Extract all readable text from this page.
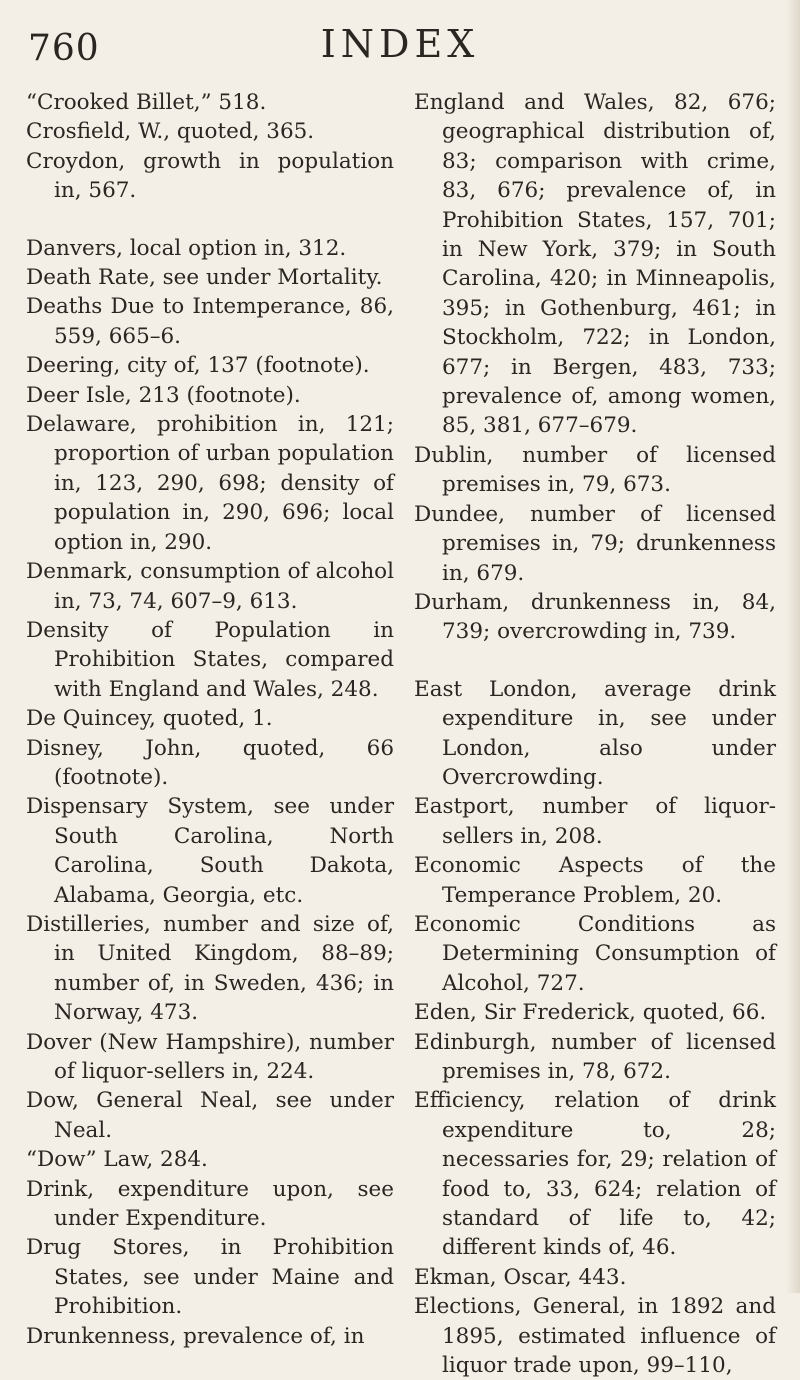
760	INDEX

“Crooked Billet,” 518.

Crosfield, W., quoted, 365.

Croydon, growth in population in, 567.

Danvers, local option in, 312.

Death Rate, see under Mortality.

Deaths Due to Intemperance, 86, 559, 665–6.

Deering, city of, 137 (footnote).

Deer Isle, 213 (footnote).

Delaware, prohibition in, 121; proportion of urban population in, 123, 290, 698; density of population in, 290, 696; local option in, 290.

Denmark, consumption of alcohol in, 73, 74, 607–9, 613.

Density of Population in Prohibition States, compared with England and Wales, 248.

De Quincey, quoted, 1.

Disney, John, quoted, 66 (footnote).

Dispensary System, see under South Carolina, North Carolina, South Dakota, Alabama, Georgia, etc.

Distilleries, number and size of, in United Kingdom, 88–89; number of, in Sweden, 436; in Norway, 473.

Dover (New Hampshire), number of liquor-sellers in, 224.

Dow, General Neal, see under Neal.

“Dow” Law, 284.

Drink, expenditure upon, see under Expenditure.

Drug Stores, in Prohibition States, see under Maine and Prohibition.

Drunkenness, prevalence of, in

England and Wales, 82, 676; geographical distribution of, 83; comparison with crime, 83, 676; prevalence of, in Prohibition States, 157, 701; in New York, 379; in South Carolina, 420; in Minneapolis, 395; in Gothenburg, 461; in Stockholm, 722; in London, 677; in Bergen, 483, 733; prevalence of, among women, 85, 381, 677–679.

Dublin, number of licensed premises in, 79, 673.

Dundee, number of licensed premises in, 79; drunkenness in, 679.

Durham, drunkenness in, 84, 739; overcrowding in, 739.

East London, average drink expenditure in, see under London, also under Overcrowding.

Eastport, number of liquor-sellers in, 208.

Economic Aspects of the Temperance Problem, 20.

Economic Conditions as Determining Consumption of Alcohol, 727.

Eden, Sir Frederick, quoted, 66.

Edinburgh, number of licensed premises in, 78, 672.

Efficiency, relation of drink expenditure to, 28; necessaries for, 29; relation of food to, 33, 624; relation of standard of life to, 42; different kinds of, 46.

Ekman, Oscar, 443.

Elections, General, in 1892 and 1895, estimated influence of liquor trade upon, 99–110,
